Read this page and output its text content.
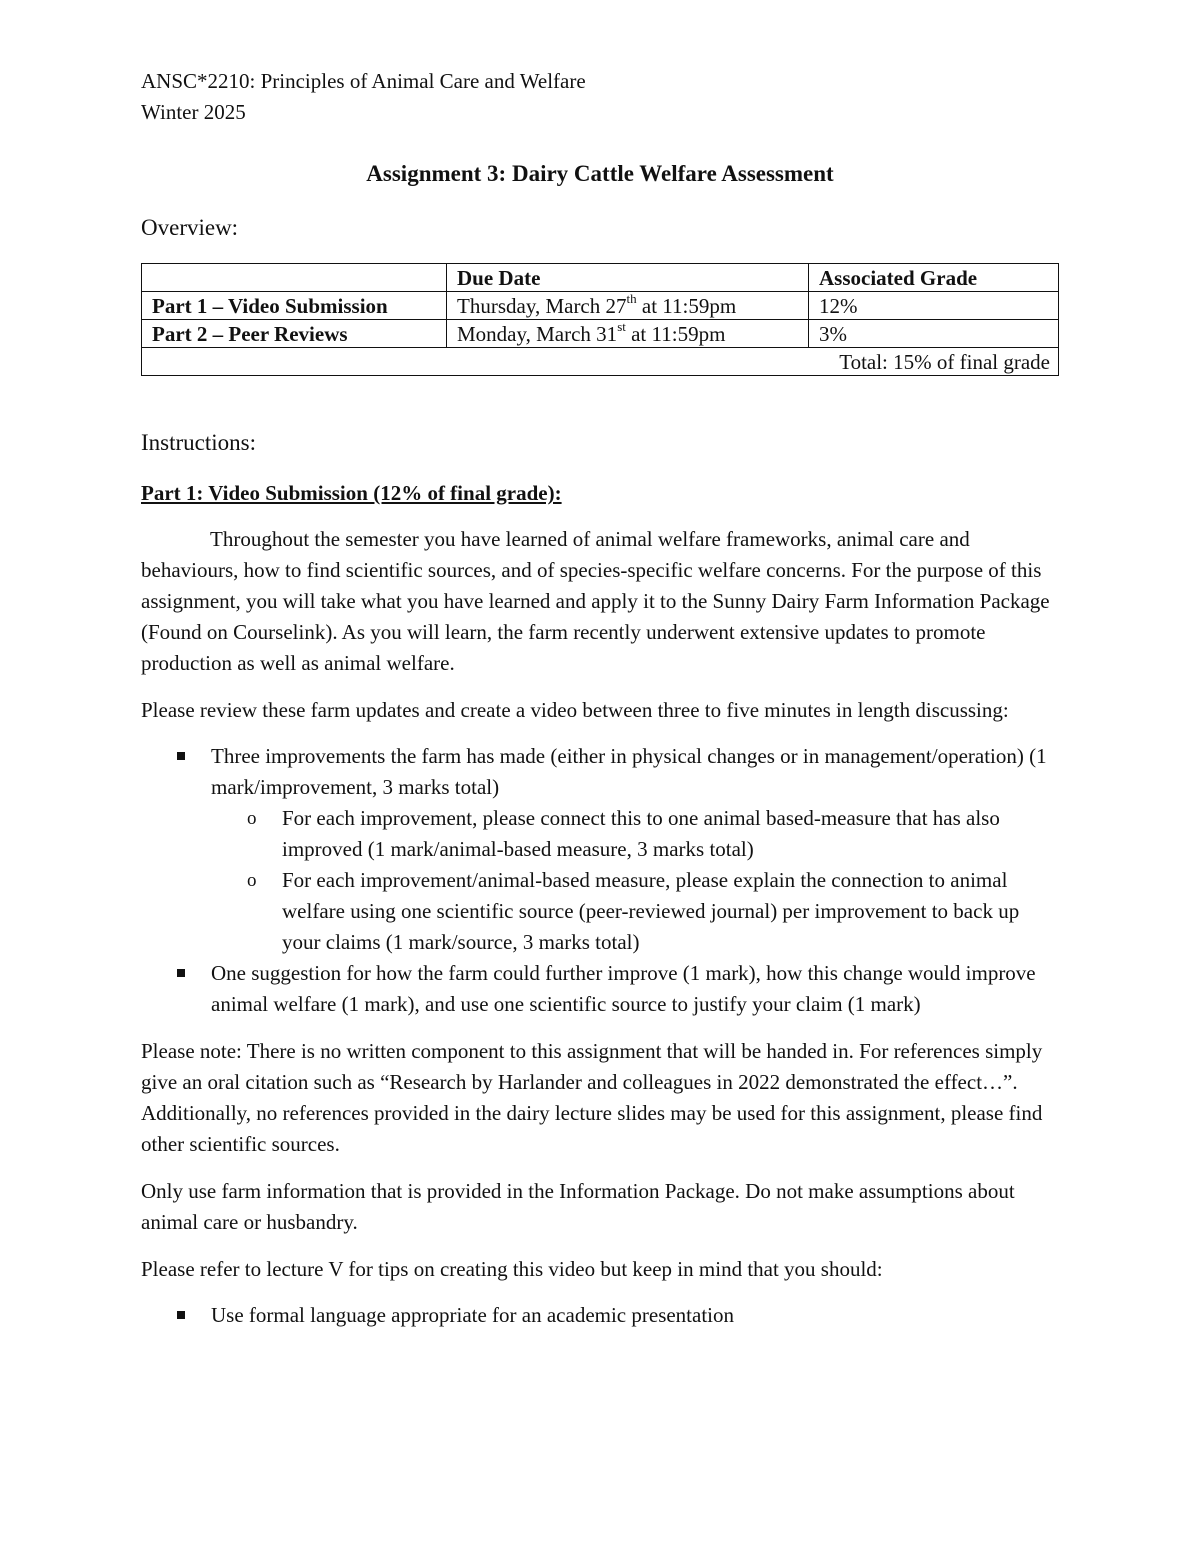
ANSC*2210: Principles of Animal Care and Welfare

Winter 2025

Assignment 3: Dairy Cattle Welfare Assessment
Overview:
	Due Date	Associated Grade
Part 1 – Video Submission	Thursday, March 27th at 11:59pm	12%
Part 2 – Peer Reviews	Monday, March 31st at 11:59pm	3%
Total: 15% of final grade		
Instructions:

Part 1: Video Submission (12% of final grade):

Throughout the semester you have learned of animal welfare frameworks, animal care and behaviours, how to find scientific sources, and of species-specific welfare concerns. For the purpose of this assignment, you will take what you have learned and apply it to the Sunny Dairy Farm Information Package (Found on Courselink). As you will learn, the farm recently underwent extensive updates to promote production as well as animal welfare.

Please review these farm updates and create a video between three to five minutes in length discussing:

Three improvements the farm has made (either in physical changes or in management/operation) (1 mark/improvement, 3 marks total)
o For each improvement, please connect this to one animal based-measure that has also improved (1 mark/animal-based measure, 3 marks total)
o For each improvement/animal-based measure, please explain the connection to animal welfare using one scientific source (peer-reviewed journal) per improvement to back up your claims (1 mark/source, 3 marks total)
One suggestion for how the farm could further improve (1 mark), how this change would improve animal welfare (1 mark), and use one scientific source to justify your claim (1 mark)

Please note: There is no written component to this assignment that will be handed in. For references simply give an oral citation such as “Research by Harlander and colleagues in 2022 demonstrated the effect…”. Additionally, no references provided in the dairy lecture slides may be used for this assignment, please find other scientific sources.

Only use farm information that is provided in the Information Package. Do not make assumptions about animal care or husbandry.

Please refer to lecture V for tips on creating this video but keep in mind that you should:

Use formal language appropriate for an academic presentation
